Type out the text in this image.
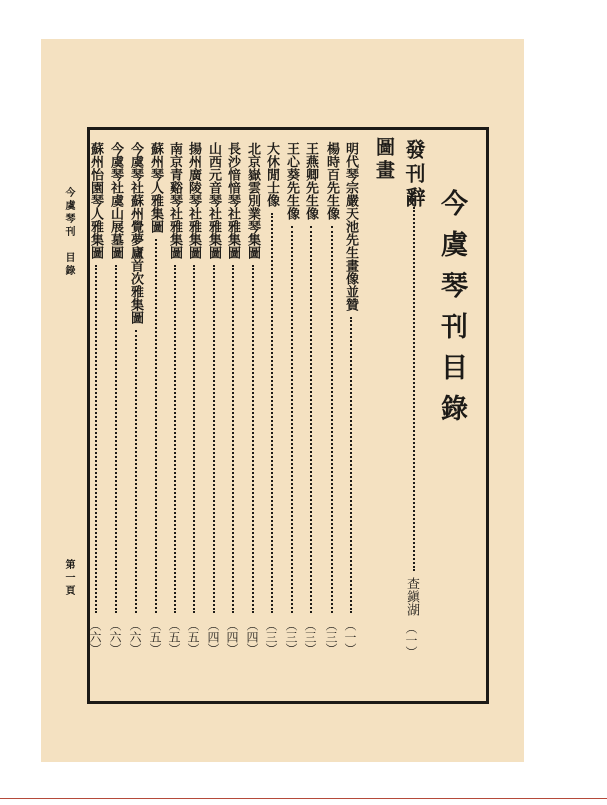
今虞琴刊　目錄
第一頁
今虞琴刊目錄
發刊辭
查鎭湖
（一）
圖畫
明代琴宗嚴天池先生畫像並贊
（一）
楊時百先生像
（三）
王燕卿先生像
（三）
王心葵先生像
（三）
大休閒士像
（三）
北京嶽雲別業琴集圖
（四）
長沙愔愔琴社雅集圖
（四）
山西元音琴社雅集圖
（四）
揚州廣陵琴社雅集圖
（五）
南京青谿琴社雅集圖
（五）
蘇州琴人雅集圖
（五）
今虞琴社蘇州覺夢廬首次雅集圖
（六）
今虞琴社虞山展墓圖
（六）
蘇州怡園琴人雅集圖
（六）
